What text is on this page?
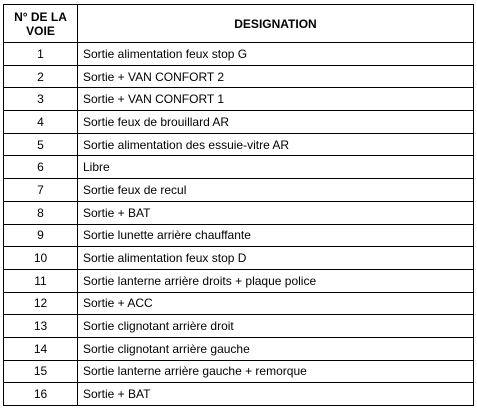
N° DE LA VOIE	DESIGNATION
1	Sortie alimentation feux stop G
2	Sortie + VAN CONFORT 2
3	Sortie + VAN CONFORT 1
4	Sortie feux de brouillard AR
5	Sortie alimentation des essuie-vitre AR
6	Libre
7	Sortie feux de recul
8	Sortie + BAT
9	Sortie lunette arrière chauffante
10	Sortie alimentation feux stop D
11	Sortie lanterne arrière droits + plaque police
12	Sortie + ACC
13	Sortie clignotant arrière droit
14	Sortie clignotant arrière gauche
15	Sortie lanterne arrière gauche + remorque
16	Sortie + BAT
